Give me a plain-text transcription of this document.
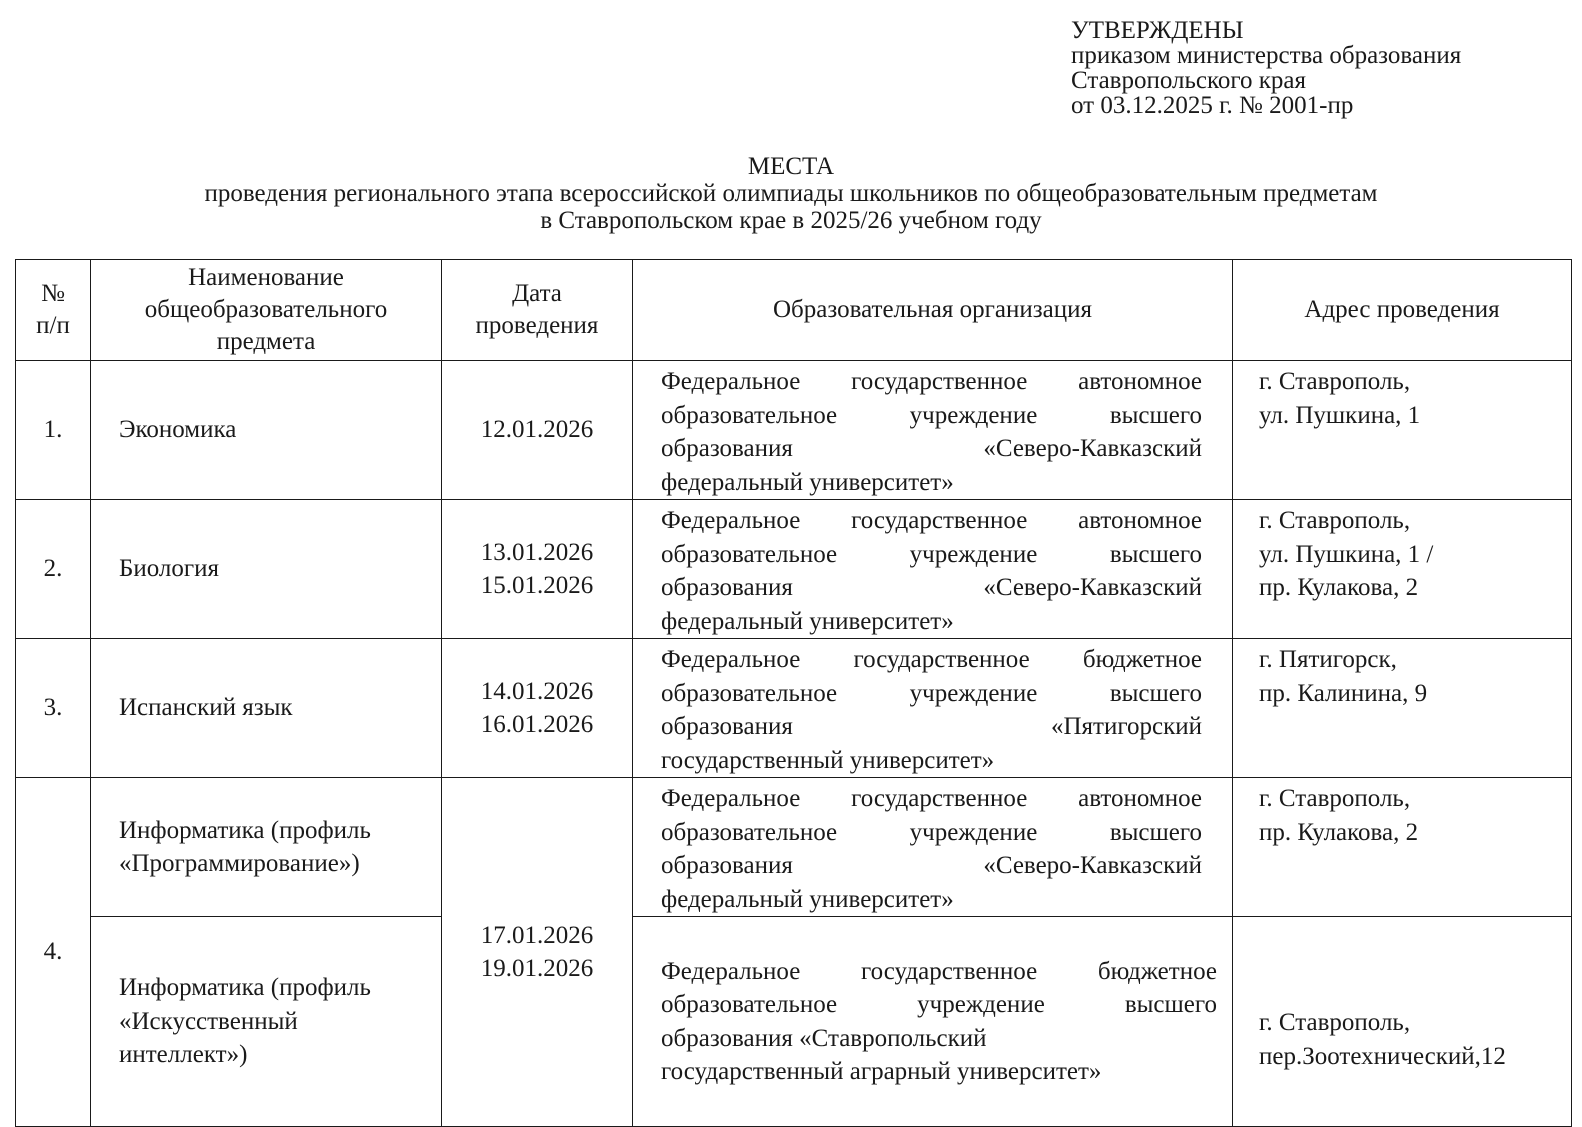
УТВЕРЖДЕНЫ
приказом министерства образования
Ставропольского края
от 03.12.2025 г. № 2001-пр
МЕСТА
проведения регионального этапа всероссийской олимпиады школьников по общеобразовательным предметам
в Ставропольском крае в 2025/26 учебном году
№
п/п	Наименование
общеобразовательного
предмета	Дата
проведения	Образовательная организация	Адрес проведения
1.	Экономика	12.01.2026	Федеральное государственное автономное
образовательное учреждение высшего
образования «Северо-Кавказский
федеральный университет»	г. Ставрополь,
ул. Пушкина, 1

2.	Биология	13.01.2026
15.01.2026	Федеральное государственное автономное
образовательное учреждение высшего
образования «Северо-Кавказский
федеральный университет»	г. Ставрополь,
ул. Пушкина, 1 /
пр. Кулакова, 2

3.	Испанский язык	14.01.2026
16.01.2026	Федеральное государственное бюджетное
образовательное учреждение высшего
образования «Пятигорский
государственный университет»	г. Пятигорск,
пр. Калинина, 9

4.	Информатика (профиль
«Программирование»)	17.01.2026
19.01.2026	Федеральное государственное автономное
образовательное учреждение высшего
образования «Северо-Кавказский
федеральный университет»	г. Ставрополь,
пр. Кулакова, 2

	Информатика (профиль
«Искусственный
интеллект»)		Федеральное государственное бюджетное
образовательное учреждение высшего
образования «Ставропольский
государственный аграрный университет»	г. Ставрополь,
пер.Зоотехнический,12
